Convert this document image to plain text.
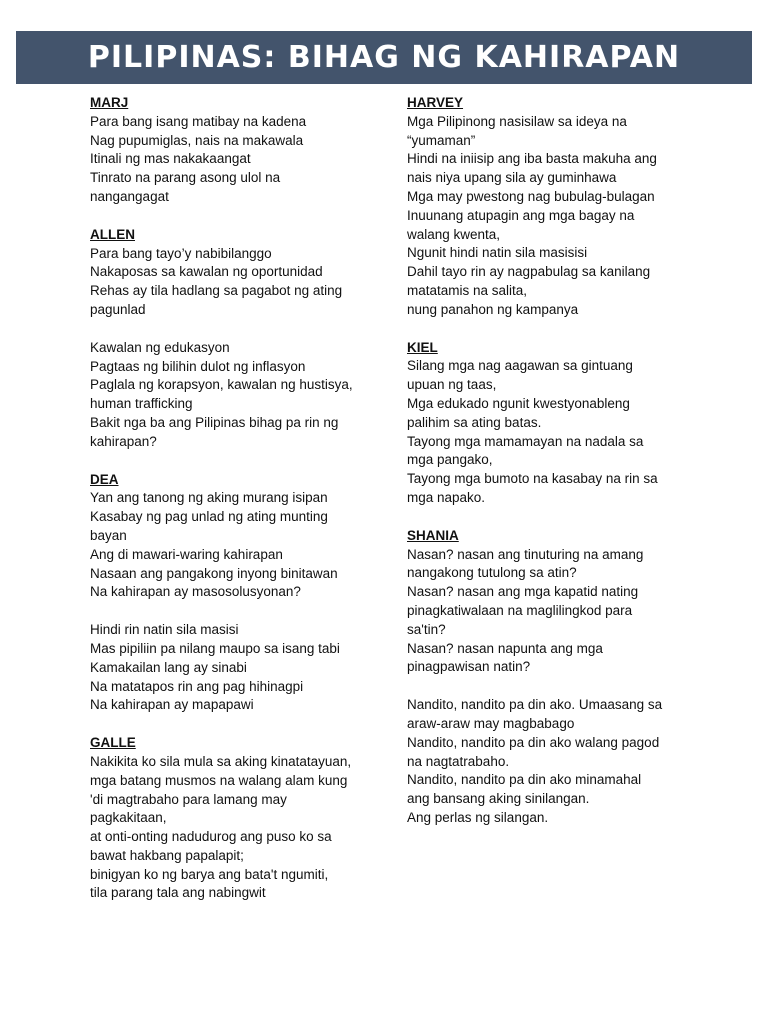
PILIPINAS: BIHAG NG KAHIRAPAN
MARJ
Para bang isang matibay na kadena
Nag pupumiglas, nais na makawala
Itinali ng mas nakakaangat
Tinrato na parang asong ulol na
nangangagat
ALLEN
Para bang tayo’y nabibilanggo
Nakaposas sa kawalan ng oportunidad
Rehas ay tila hadlang sa pagabot ng ating
pagunlad
Kawalan ng edukasyon
Pagtaas ng bilihin dulot ng inflasyon
Paglala ng korapsyon, kawalan ng hustisya,
human trafficking
Bakit nga ba ang Pilipinas bihag pa rin ng
kahirapan?
DEA
Yan ang tanong ng aking murang isipan
Kasabay ng pag unlad ng ating munting
bayan
Ang di mawari-waring kahirapan
Nasaan ang pangakong inyong binitawan
Na kahirapan ay masosolusyonan?
Hindi rin natin sila masisi
Mas pipiliin pa nilang maupo sa isang tabi
Kamakailan lang ay sinabi
Na matatapos rin ang pag hihinagpi
Na kahirapan ay mapapawi
GALLE
Nakikita ko sila mula sa aking kinatatayuan,
mga batang musmos na walang alam kung
'di magtrabaho para lamang may
pagkakitaan,
at onti-onting nadudurog ang puso ko sa
bawat hakbang papalapit;
binigyan ko ng barya ang bata't ngumiti,
tila parang tala ang nabingwit
HARVEY
Mga Pilipinong nasisilaw sa ideya na
“yumaman”
Hindi na iniisip ang iba basta makuha ang
nais niya upang sila ay guminhawa
Mga may pwestong nag bubulag-bulagan
Inuunang atupagin ang mga bagay na
walang kwenta,
Ngunit hindi natin sila masisisi
Dahil tayo rin ay nagpabulag sa kanilang
matatamis na salita,
nung panahon ng kampanya
KIEL
Silang mga nag aagawan sa gintuang
upuan ng taas,
Mga edukado ngunit kwestyonableng
palihim sa ating batas.
Tayong mga mamamayan na nadala sa
mga pangako,
Tayong mga bumoto na kasabay na rin sa
mga napako.
SHANIA
Nasan? nasan ang tinuturing na amang
nangakong tutulong sa atin?
Nasan? nasan ang mga kapatid nating
pinagkatiwalaan na maglilingkod para
sa'tin?
Nasan? nasan napunta ang mga
pinagpawisan natin?
Nandito, nandito pa din ako. Umaasang sa
araw-araw may magbabago
Nandito, nandito pa din ako walang pagod
na nagtatrabaho.
Nandito, nandito pa din ako minamahal
ang bansang aking sinilangan.
Ang perlas ng silangan.
